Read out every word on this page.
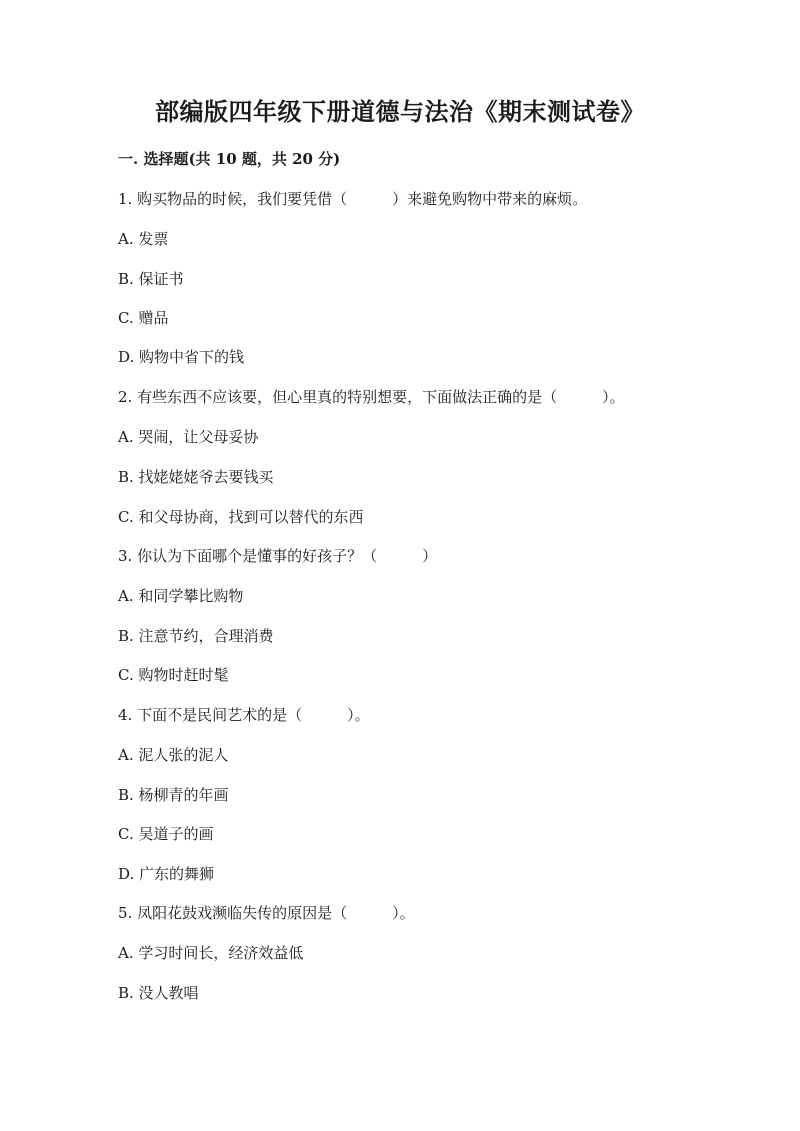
部编版四年级下册道德与法治《期末测试卷》
一. 选择题(共 10 题，共 20 分)
1. 购买物品的时候，我们要凭借（　　　）来避免购物中带来的麻烦。
A. 发票
B. 保证书
C. 赠品
D. 购物中省下的钱
2. 有些东西不应该要，但心里真的特别想要，下面做法正确的是（　　　）。
A. 哭闹，让父母妥协
B. 找姥姥姥爷去要钱买
C. 和父母协商，找到可以替代的东西
3. 你认为下面哪个是懂事的好孩子？（　　　）
A. 和同学攀比购物
B. 注意节约，合理消费
C. 购物时赶时髦
4. 下面不是民间艺术的是（　　　）。
A. 泥人张的泥人
B. 杨柳青的年画
C. 吴道子的画
D. 广东的舞狮
5. 凤阳花鼓戏濒临失传的原因是（　　　）。
A. 学习时间长，经济效益低
B. 没人教唱
